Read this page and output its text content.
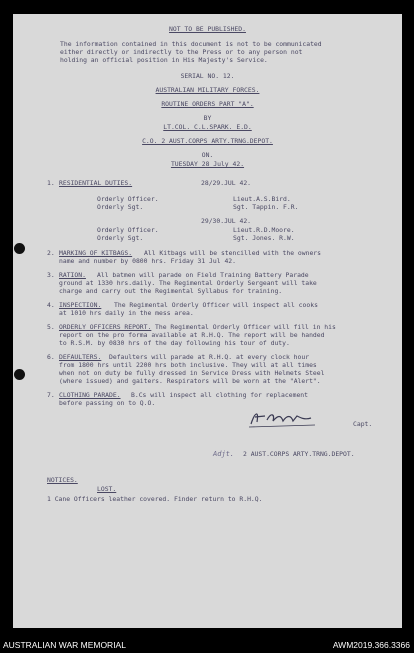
NOT TO BE PUBLISHED.
The information contained in this document is not to be communicated
either directly or indirectly to the Press or to any person not
holding an official position in His Majesty's Service.
SERIAL NO. 12.
AUSTRALIAN MILITARY FORCES.
ROUTINE ORDERS PART "A".
BY
LT.COL. C.L.SPARK. E.D.
C.O. 2 AUST.CORPS ARTY.TRNG.DEPOT.
ON.
TUESDAY 28 July 42.
1. RESIDENTIAL DUTIES.	28/29.JUL 42.
Orderly Officer.	Lieut.A.S.Bird.
Orderly Sgt.	Sgt. Tappin. F.R.
29/30.JUL 42.
Orderly Officer.	Lieut.R.D.Moore.
Orderly Sgt.	Sgt. Jones. R.W.
2. MARKING OF KITBAGS. All Kitbags will be stencilled with the owners
name and number by 0800 hrs. Friday 31 Jul 42.
3. RATION. All batmen will parade on Field Training Battery Parade
ground at 1330 hrs.daily. The Regimental Orderly Sergeant will take
charge and carry out the Regimental Syllabus for training.
4. INSPECTION. The Regimental Orderly Officer will inspect all cooks
at 1010 hrs daily in the mess area.
5. ORDERLY OFFICERS REPORT. The Regimental Orderly Officer will fill in his
report on the pro forma available at R.H.Q. The report will be handed
to R.S.M. by 0830 hrs of the day following his tour of duty.
6. DEFAULTERS. Defaulters will parade at R.H.Q. at every clock hour
from 1800 hrs until 2200 hrs both inclusive. They will at all times
when not on duty be fully dressed in Service Dress with Helmets Steel
(where issued) and gaiters. Respirators will be worn at the "Alert".
7. CLOTHING PARADE. B.Cs will inspect all clothing for replacement
before passing on to Q.O.
Capt.
Adjt. 2 AUST.CORPS ARTY.TRNG.DEPOT.
NOTICES.
LOST.
1 Cane Officers leather covered. Finder return to R.H.Q.
AUSTRALIAN WAR MEMORIAL	AWM2019.366.3366
